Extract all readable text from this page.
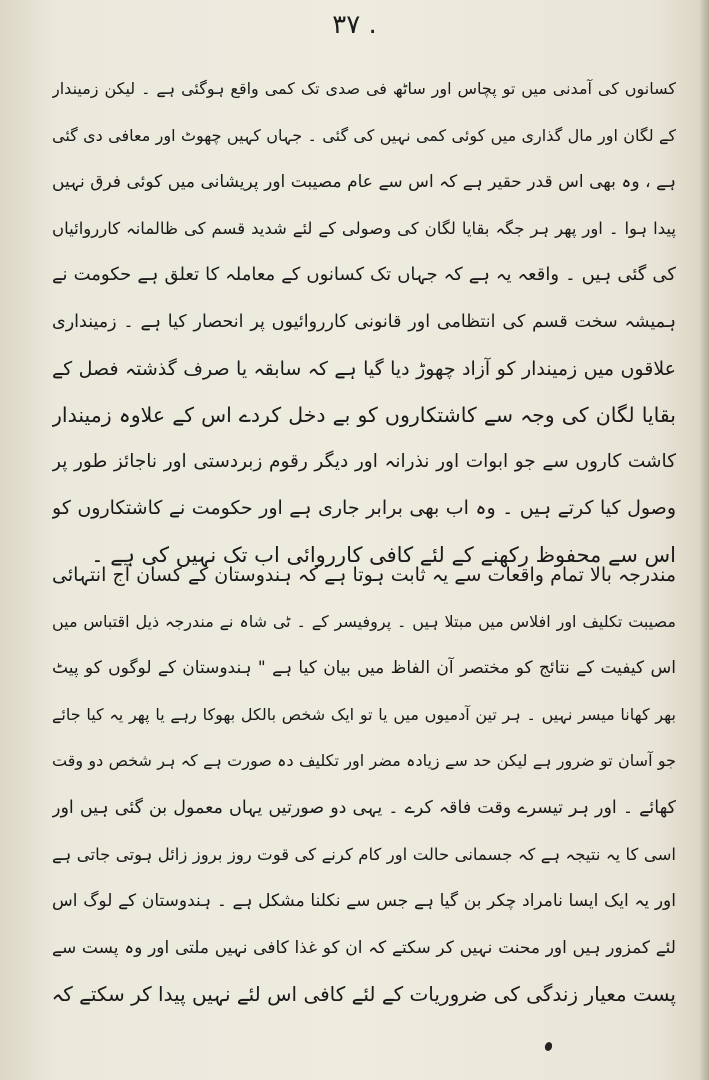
۳۷ .
کسانوں کی آمدنی میں تو پچاس اور ساٹھ فی صدی تک کمی واقع ہوگئی ہے ۔ لیکن زمیندار
کے لگان اور مال گذاری میں کوئی کمی نہیں کی گئی ۔ جہاں کہیں چھوٹ اور معافی دی گئی
ہے ، وہ بھی اس قدر حقیر ہے کہ اس سے عام مصیبت اور پریشانی میں کوئی فرق نہیں
پیدا ہوا ۔ اور پھر ہر جگہ بقایا لگان کی وصولی کے لئے شدید قسم کی ظالمانہ کارروائیاں
کی گئی ہیں ۔ واقعہ یہ ہے کہ جہاں تک کسانوں کے معاملہ کا تعلق ہے حکومت نے
ہمیشہ سخت قسم کی انتظامی اور قانونی کارروائیوں پر انحصار کیا ہے ۔ زمینداری
علاقوں میں زمیندار کو آزاد چھوڑ دیا گیا ہے کہ سابقہ یا صرف گذشتہ فصل کے
بقایا لگان کی وجہ سے کاشتکاروں کو بے دخل کردے اس کے علاوہ زمیندار
کاشت کاروں سے جو ابوات اور نذرانہ اور دیگر رقوم زبردستی اور ناجائز طور پر
وصول کیا کرتے ہیں ۔ وہ اب بھی برابر جاری ہے اور حکومت نے کاشتکاروں کو
اس سے محفوظ رکھنے کے لئے کافی کارروائی اب تک نہیں کی ہے ۔
مندرجہ بالا تمام واقعات سے یہ ثابت ہوتا ہے کہ ہندوستان کے کسان آج انتہائی
مصیبت تکلیف اور افلاس میں مبتلا ہیں ۔ پروفیسر کے ۔ ٹی شاہ نے مندرجہ ذیل اقتباس میں
اس کیفیت کے نتائج کو مختصر آن الفاظ میں بیان کیا ہے " ہندوستان کے لوگوں کو پیٹ
بھر کھانا میسر نہیں ۔ ہر تین آدمیوں میں یا تو ایک شخص بالکل بھوکا رہے یا پھر یہ کیا جائے
جو آسان تو ضرور ہے لیکن حد سے زیادہ مضر اور تکلیف دہ صورت ہے کہ ہر شخص دو وقت
کھائے ۔ اور ہر تیسرے وقت فاقہ کرے ۔ یہی دو صورتیں یہاں معمول بن گئی ہیں اور
اسی کا یہ نتیجہ ہے کہ جسمانی حالت اور کام کرنے کی قوت روز بروز زائل ہوتی جاتی ہے
اور یہ ایک ایسا نامراد چکر بن گیا ہے جس سے نکلنا مشکل ہے ۔ ہندوستان کے لوگ اس
لئے کمزور ہیں اور محنت نہیں کر سکتے کہ ان کو غذا کافی نہیں ملتی اور وہ پست سے
پست معیار زندگی کی ضروریات کے لئے کافی اس لئے نہیں پیدا کر سکتے کہ
